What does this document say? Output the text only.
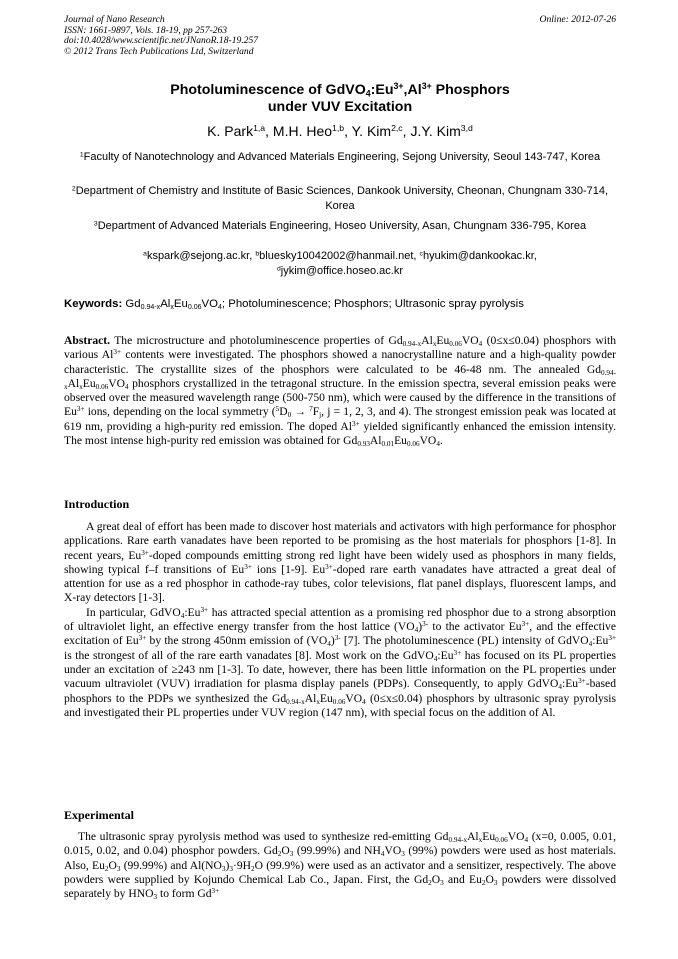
Journal of Nano Research
ISSN: 1661-9897, Vols. 18-19, pp 257-263
doi:10.4028/www.scientific.net/JNanoR.18-19.257
© 2012 Trans Tech Publications Ltd, Switzerland
Online: 2012-07-26
Photoluminescence of $GdVO_4:Eu^{3+},Al^{3+}$ Phosphors
under VUV Excitation
K. Park$^{1,a}$, M.H. Heo$^{1,b}$, Y. Kim$^{2,c}$, J.Y. Kim$^{3,d}$
$^1$Faculty of Nanotechnology and Advanced Materials Engineering, Sejong University, Seoul 143-747, Korea
$^2$Department of Chemistry and Institute of Basic Sciences, Dankook University, Cheonan, Chungnam 330-714, Korea
$^3$Department of Advanced Materials Engineering, Hoseo University, Asan, Chungnam 336-795, Korea
$^a$kspark@sejong.ac.kr, $^b$bluesky10042002@hanmail.net, $^c$hyukim@dankookac.kr,
$^d$jykim@office.hoseo.ac.kr
Keywords: $Gd_{0.94-x}Al_xEu_{0.06}VO_4$; Photoluminescence; Phosphors; Ultrasonic spray pyrolysis

Abstract. The microstructure and photoluminescence properties of $Gd_{0.94-x}Al_xEu_{0.06}VO_4$ (0≤x≤0.04) phosphors with various $Al^{3+}$ contents were investigated. The phosphors showed a nanocrystalline nature and a high-quality powder characteristic. The crystallite sizes of the phosphors were calculated to be 46-48 nm. The annealed $Gd_{0.94-x}Al_xEu_{0.06}VO_4$ phosphors crystallized in the tetragonal structure. In the emission spectra, several emission peaks were observed over the measured wavelength range (500-750 nm), which were caused by the difference in the transitions of $Eu^{3+}$ ions, depending on the local symmetry ($^5D_0 \to ^7F_j$, j = 1, 2, 3, and 4). The strongest emission peak was located at 619 nm, providing a high-purity red emission. The doped $Al^{3+}$ yielded significantly enhanced the emission intensity. The most intense high-purity red emission was obtained for $Gd_{0.93}Al_{0.01}Eu_{0.06}VO_4$.

Introduction

A great deal of effort has been made to discover host materials and activators with high performance for phosphor applications. Rare earth vanadates have been reported to be promising as the host materials for phosphors [1-8]. In recent years, $Eu^{3+}$-doped compounds emitting strong red light have been widely used as phosphors in many fields, showing typical f–f transitions of $Eu^{3+}$ ions [1-9]. $Eu^{3+}$-doped rare earth vanadates have attracted a great deal of attention for use as a red phosphor in cathode-ray tubes, color televisions, flat panel displays, fluorescent lamps, and X-ray detectors [1-3].

In particular, $GdVO_4:Eu^{3+}$ has attracted special attention as a promising red phosphor due to a strong absorption of ultraviolet light, an effective energy transfer from the host lattice $(VO_4)^{3-}$ to the activator $Eu^{3+}$, and the effective excitation of $Eu^{3+}$ by the strong 450nm emission of $(VO_4)^{3-}$ [7]. The photoluminescence (PL) intensity of $GdVO_4:Eu^{3+}$ is the strongest of all of the rare earth vanadates [8]. Most work on the $GdVO_4:Eu^{3+}$ has focused on its PL properties under an excitation of ≥243 nm [1-3]. To date, however, there has been little information on the PL properties under vacuum ultraviolet (VUV) irradiation for plasma display panels (PDPs). Consequently, to apply $GdVO_4:Eu^{3+}$-based phosphors to the PDPs we synthesized the $Gd_{0.94-x}Al_xEu_{0.06}VO_4$ (0≤x≤0.04) phosphors by ultrasonic spray pyrolysis and investigated their PL properties under VUV region (147 nm), with special focus on the addition of Al.

Experimental

The ultrasonic spray pyrolysis method was used to synthesize red-emitting $Gd_{0.94-x}Al_xEu_{0.06}VO_4$ (x=0, 0.005, 0.01, 0.015, 0.02, and 0.04) phosphor powders. $Gd_2O_3$ (99.99%) and $NH_4VO_3$ (99%) powders were used as host materials. Also, $Eu_2O_3$ (99.99%) and $Al(NO_3)_3\cdot 9H_2O$ (99.9%) were used as an activator and a sensitizer, respectively. The above powders were supplied by Kojundo Chemical Lab Co., Japan. First, the $Gd_2O_3$ and $Eu_2O_3$ powders were dissolved separately by $HNO_3$ to form $Gd^{3+}$
